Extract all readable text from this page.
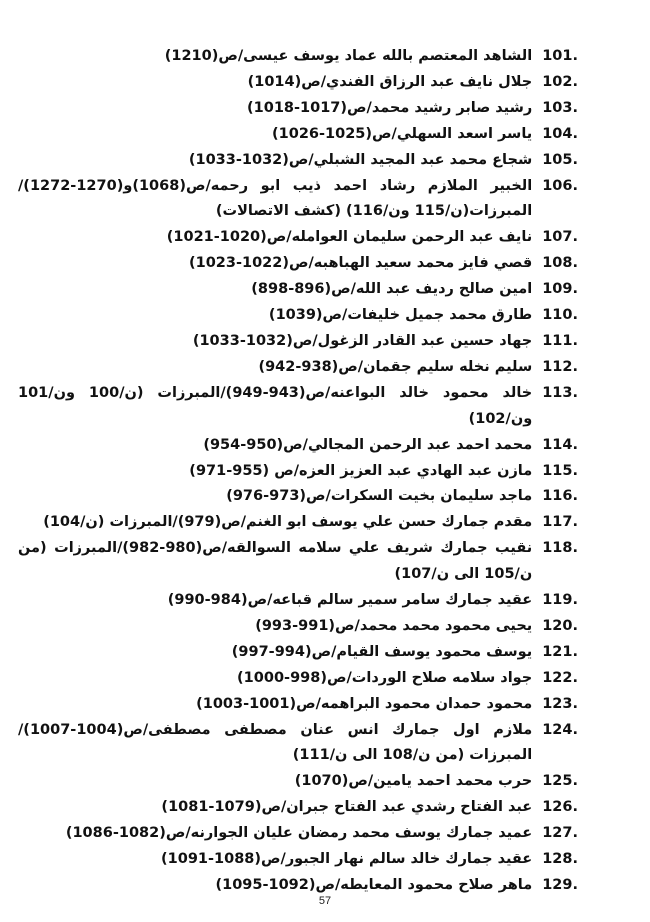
101.
الشاهد المعتصم بالله عماد يوسف عيسى/ص(1210)
102.
جلال نايف عبد الرزاق الفندي/ص(1014)
103.
رشيد صابر رشيد محمد/ص(1017-1018)
104.
ياسر اسعد السهلي/ص(1025-1026)
105.
شجاع محمد عبد المجيد الشبلي/ص(1032-1033)
106.
الخبير الملازم رشاد احمد ذيب ابو رحمه/ص(1068)و(1270-1272)/المبرزات(ن/115 ون/116) (كشف الاتصالات)
107.
نايف عبد الرحمن سليمان العوامله/ص(1020-1021)
108.
قصي فايز محمد سعيد الهباهبه/ص(1022-1023)
109.
امين صالح رديف عبد الله/ص(896-898)
110.
طارق محمد جميل خليفات/ص(1039)
111.
جهاد حسين عبد القادر الزغول/ص(1032-1033)
112.
سليم نخله سليم جقمان/ص(938-942)
113.
خالد محمود خالد البواعنه/ص(943-949)/المبرزات (ن/100 ون/101 ون/102)
114.
محمد احمد عبد الرحمن المجالي/ص(950-954)
115.
مازن عبد الهادي عبد العزيز العزه/ص (955-971)
116.
ماجد سليمان بخيت السكرات/ص(973-976)
117.
مقدم جمارك حسن علي يوسف ابو الغنم/ص(979)/المبرزات (ن/104)
118.
نقيب جمارك شريف علي سلامه السوالقه/ص(980-982)/المبرزات (من ن/105 الى ن/107)
119.
عقيد جمارك سامر سمير سالم قباعه/ص(984-990)
120.
يحيى محمود محمد محمد/ص(991-993)
121.
يوسف محمود يوسف القيام/ص(994-997)
122.
جواد سلامه صلاح الوردات/ص(998-1000)
123.
محمود حمدان محمود البراهمه/ص(1001-1003)
124.
ملازم اول جمارك انس عنان مصطفى مصطفى/ص(1004-1007)/المبرزات (من ن/108 الى ن/111)
125.
حرب محمد احمد يامين/ص(1070)
126.
عبد الفتاح رشدي عبد الفتاح جبران/ص(1079-1081)
127.
عميد جمارك يوسف محمد رمضان عليان الجوارنه/ص(1082-1086)
128.
عقيد جمارك خالد سالم نهار الجبور/ص(1088-1091)
129.
ماهر صلاح محمود المعايطه/ص(1092-1095)
57
